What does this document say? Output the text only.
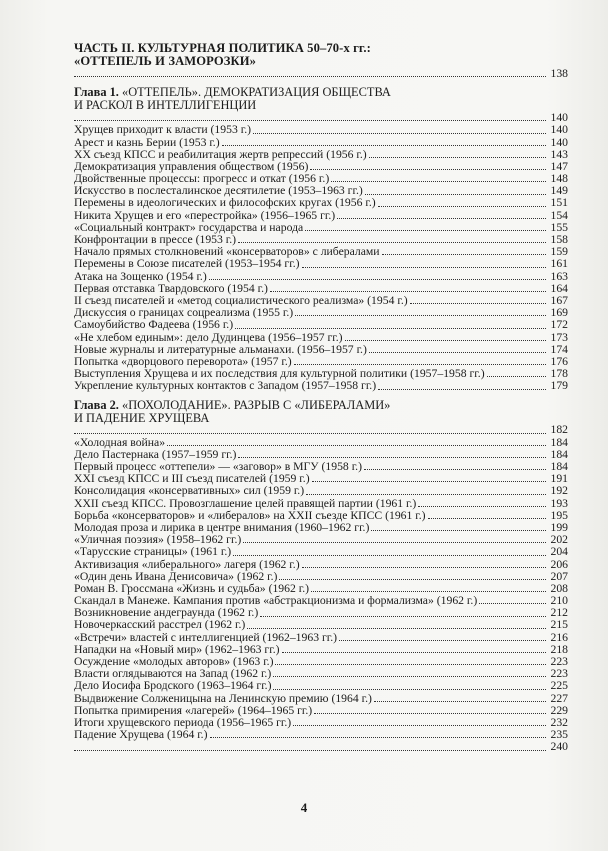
ЧАСТЬ II. КУЛЬТУРНАЯ ПОЛИТИКА 50–70-х гг.:
«ОТТЕПЕЛЬ И ЗАМОРОЗКИ»
138
Глава 1. «ОТТЕПЕЛЬ». ДЕМОКРАТИЗАЦИЯ ОБЩЕСТВА
И РАСКОЛ В ИНТЕЛЛИГЕНЦИИ
140
Хрущев приходит к власти (1953 г.)	140
Арест и казнь Берии (1953 г.)	140
XX съезд КПСС и реабилитация жертв репрессий (1956 г.)	143
Демократизация управления обществом (1956)	147
Двойственные процессы: прогресс и откат (1956 г.)	148
Искусство в послесталинское десятилетие (1953–1963 гг.)	149
Перемены в идеологических и философских кругах (1956 г.)	151
Никита Хрущев и его «перестройка» (1956–1965 гг.)	154
«Социальный контракт» государства и народа	155
Конфронтации в прессе (1953 г.)	158
Начало прямых столкновений «консерваторов» с либералами	159
Перемены в Союзе писателей (1953–1954 гг.)	161
Атака на Зощенко (1954 г.)	163
Первая отставка Твардовского (1954 г.)	164
II съезд писателей и «метод социалистического реализма» (1954 г.)	167
Дискуссия о границах соцреализма (1955 г.)	169
Самоубийство Фадеева (1956 г.)	172
«Не хлебом единым»: дело Дудинцева (1956–1957 гг.)	173
Новые журналы и литературные альманахи. (1956–1957 г.)	174
Попытка «дворцового переворота» (1957 г.)	176
Выступления Хрущева и их последствия для культурной политики (1957–1958 гг.)	178
Укрепление культурных контактов с Западом (1957–1958 гг.)	179
Глава 2. «ПОХОЛОДАНИЕ». РАЗРЫВ С «ЛИБЕРАЛАМИ»
И ПАДЕНИЕ ХРУЩЕВА
182
«Холодная война»	184
Дело Пастернака (1957–1959 гг.)	184
Первый процесс «оттепели» — «заговор» в МГУ (1958 г.)	184
XXI съезд КПСС и III съезд писателей (1959 г.)	191
Консолидация «консервативных» сил (1959 г.)	192
XXII съезд КПСС. Провозглашение целей правящей партии (1961 г.)	193
Борьба «консерваторов» и «либералов» на XXII съезде КПСС (1961 г.)	195
Молодая проза и лирика в центре внимания (1960–1962 гг.)	199
«Уличная поэзия» (1958–1962 гг.)	202
«Тарусские страницы» (1961 г.)	204
Активизация «либерального» лагеря (1962 г.)	206
«Один день Ивана Денисовича» (1962 г.)	207
Роман В. Гроссмана «Жизнь и судьба» (1962 г.)	208
Скандал в Манеже. Кампания против «абстракционизма и формализма» (1962 г.)	210
Возникновение андеграунда (1962 г.)	212
Новочеркасский расстрел (1962 г.)	215
«Встречи» властей с интеллигенцией (1962–1963 гг.)	216
Нападки на «Новый мир» (1962–1963 гг.)	218
Осуждение «молодых авторов» (1963 г.)	223
Власти оглядываются на Запад (1962 г.)	223
Дело Иосифа Бродского (1963–1964 гг.)	225
Выдвижение Солженицына на Ленинскую премию (1964 г.)	227
Попытка примирения «лагерей» (1964–1965 гг.)	229
Итоги хрущевского периода (1956–1965 гг.)	232
Падение Хрущева (1964 г.)	235
240
4
